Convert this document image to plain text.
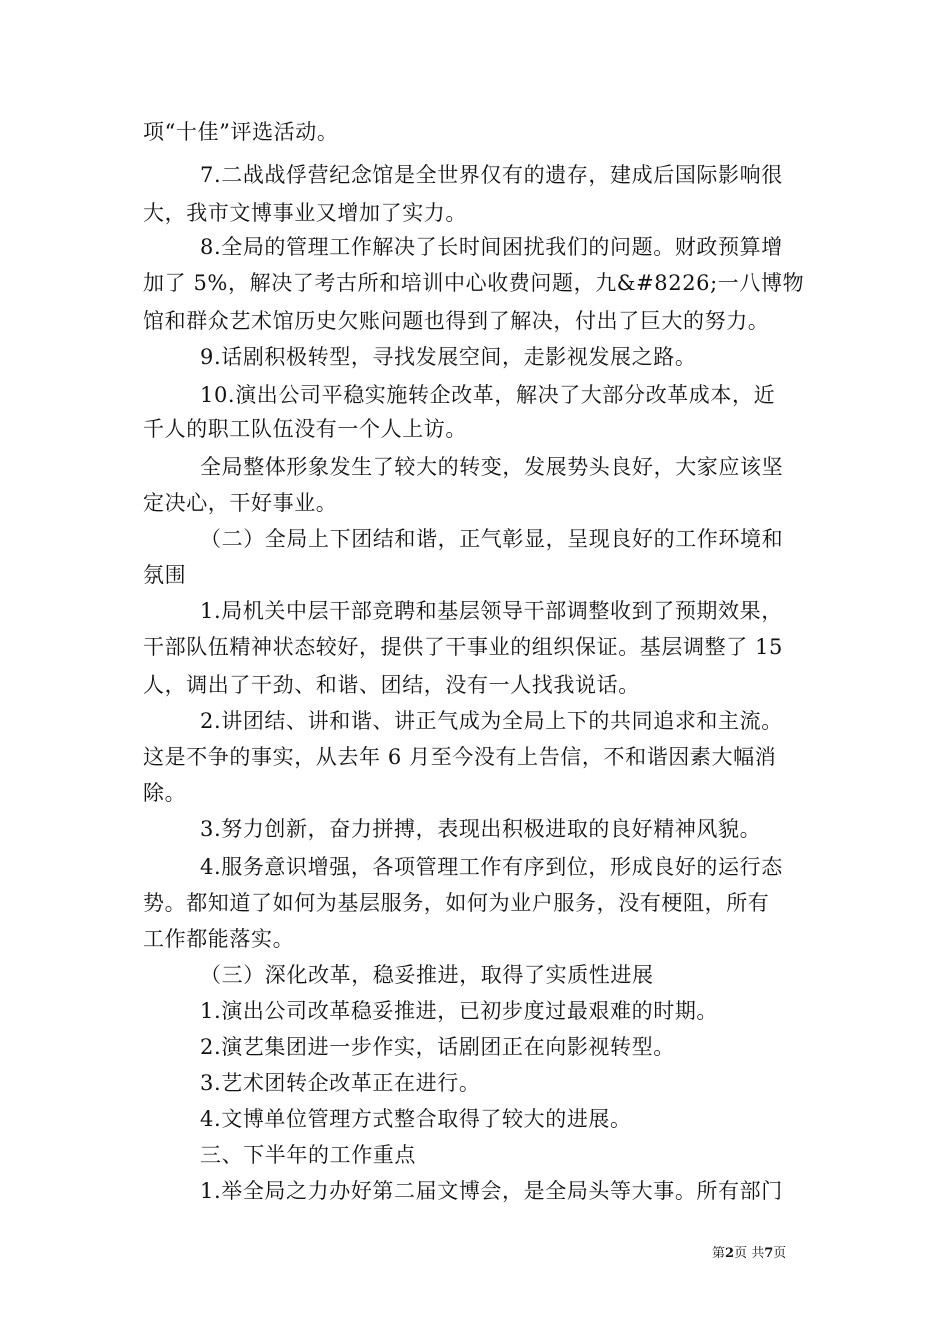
项“十佳”评选活动。
7.二战战俘营纪念馆是全世界仅有的遗存，建成后国际影响很
大，我市文博事业又增加了实力。
8.全局的管理工作解决了长时间困扰我们的问题。财政预算增
加了 5%，解决了考古所和培训中心收费问题，九&#8226;一八博物
馆和群众艺术馆历史欠账问题也得到了解决，付出了巨大的努力。
9.话剧积极转型，寻找发展空间，走影视发展之路。
10.演出公司平稳实施转企改革，解决了大部分改革成本，近
千人的职工队伍没有一个人上访。
全局整体形象发生了较大的转变，发展势头良好，大家应该坚
定决心，干好事业。
（二）全局上下团结和谐，正气彰显，呈现良好的工作环境和
氛围
1.局机关中层干部竞聘和基层领导干部调整收到了预期效果，
干部队伍精神状态较好，提供了干事业的组织保证。基层调整了 15
人，调出了干劲、和谐、团结，没有一人找我说话。
2.讲团结、讲和谐、讲正气成为全局上下的共同追求和主流。
这是不争的事实，从去年 6 月至今没有上告信，不和谐因素大幅消
除。
3.努力创新，奋力拼搏，表现出积极进取的良好精神风貌。
4.服务意识增强，各项管理工作有序到位，形成良好的运行态
势。都知道了如何为基层服务，如何为业户服务，没有梗阻，所有
工作都能落实。
（三）深化改革，稳妥推进，取得了实质性进展
1.演出公司改革稳妥推进，已初步度过最艰难的时期。
2.演艺集团进一步作实，话剧团正在向影视转型。
3.艺术团转企改革正在进行。
4.文博单位管理方式整合取得了较大的进展。
三、下半年的工作重点
1.举全局之力办好第二届文博会，是全局头等大事。所有部门
第2页 共7页
